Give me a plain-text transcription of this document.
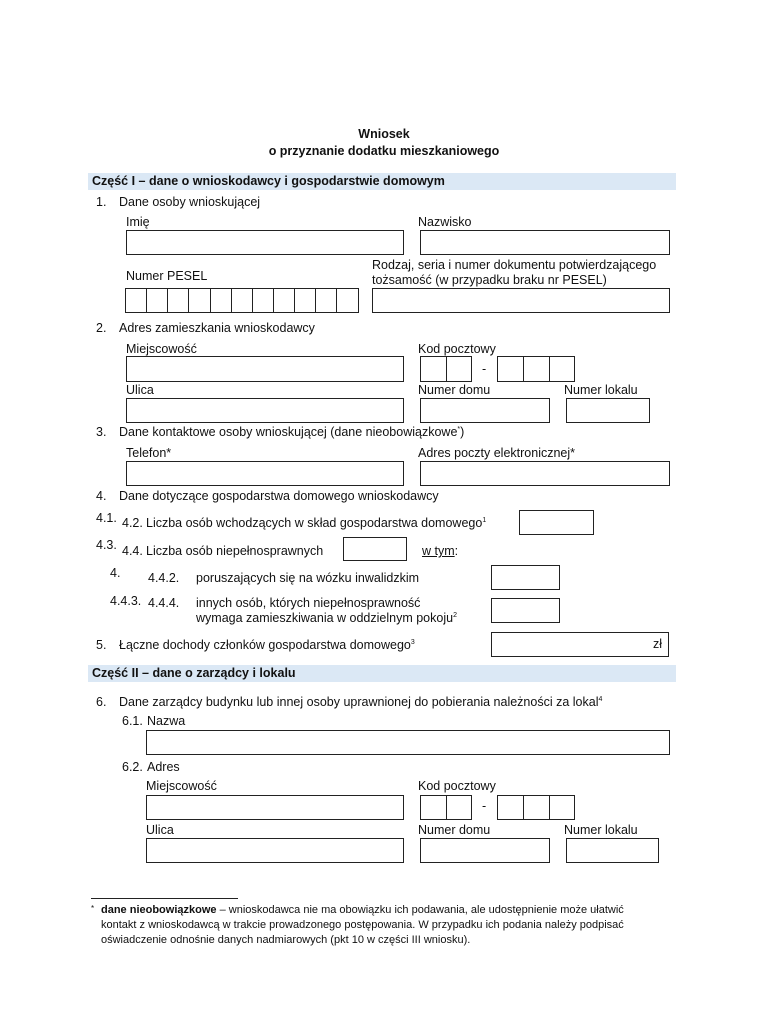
Wniosek
o przyznanie dodatku mieszkaniowego
Część I – dane o wnioskodawcy i gospodarstwie domowym
1. Dane osoby wnioskującej
Imię	Nazwisko
Numer PESEL
Rodzaj, seria i numer dokumentu potwierdzającego
tożsamość (w przypadku braku nr PESEL)
2. Adres zamieszkania wnioskodawcy
Miejscowość	Kod pocztowy
-
Ulica	Numer domu	Numer lokalu
3. Dane kontaktowe osoby wnioskującej (dane nieobowiązkowe*)
Telefon*	Adres poczty elektronicznej*
4. Dane dotyczące gospodarstwa domowego wnioskodawcy
4.1. 4.2. Liczba osób wchodzących w skład gospodarstwa domowego$^1$
4.3. 4.4. Liczba osób niepełnosprawnych	w tym:
4. 4.4.2. poruszających się na wózku inwalidzkim
4.4.3. 4.4.4. innych osób, których niepełnosprawność
wymaga zamieszkiwania w oddzielnym pokoju$^2$
5. Łączne dochody członków gospodarstwa domowego$^3$	zł
Część II – dane o zarządcy i lokalu
6. Dane zarządcy budynku lub innej osoby uprawnionej do pobierania należności za lokal$^4$
6.1. Nazwa
6.2. Adres
Miejscowość	Kod pocztowy
-
Ulica	Numer domu	Numer lokalu
* dane nieobowiązkowe – wnioskodawca nie ma obowiązku ich podawania, ale udostępnienie może ułatwić
kontakt z wnioskodawcą w trakcie prowadzonego postępowania. W przypadku ich podania należy podpisać
oświadczenie odnośnie danych nadmiarowych (pkt 10 w części III wniosku).
